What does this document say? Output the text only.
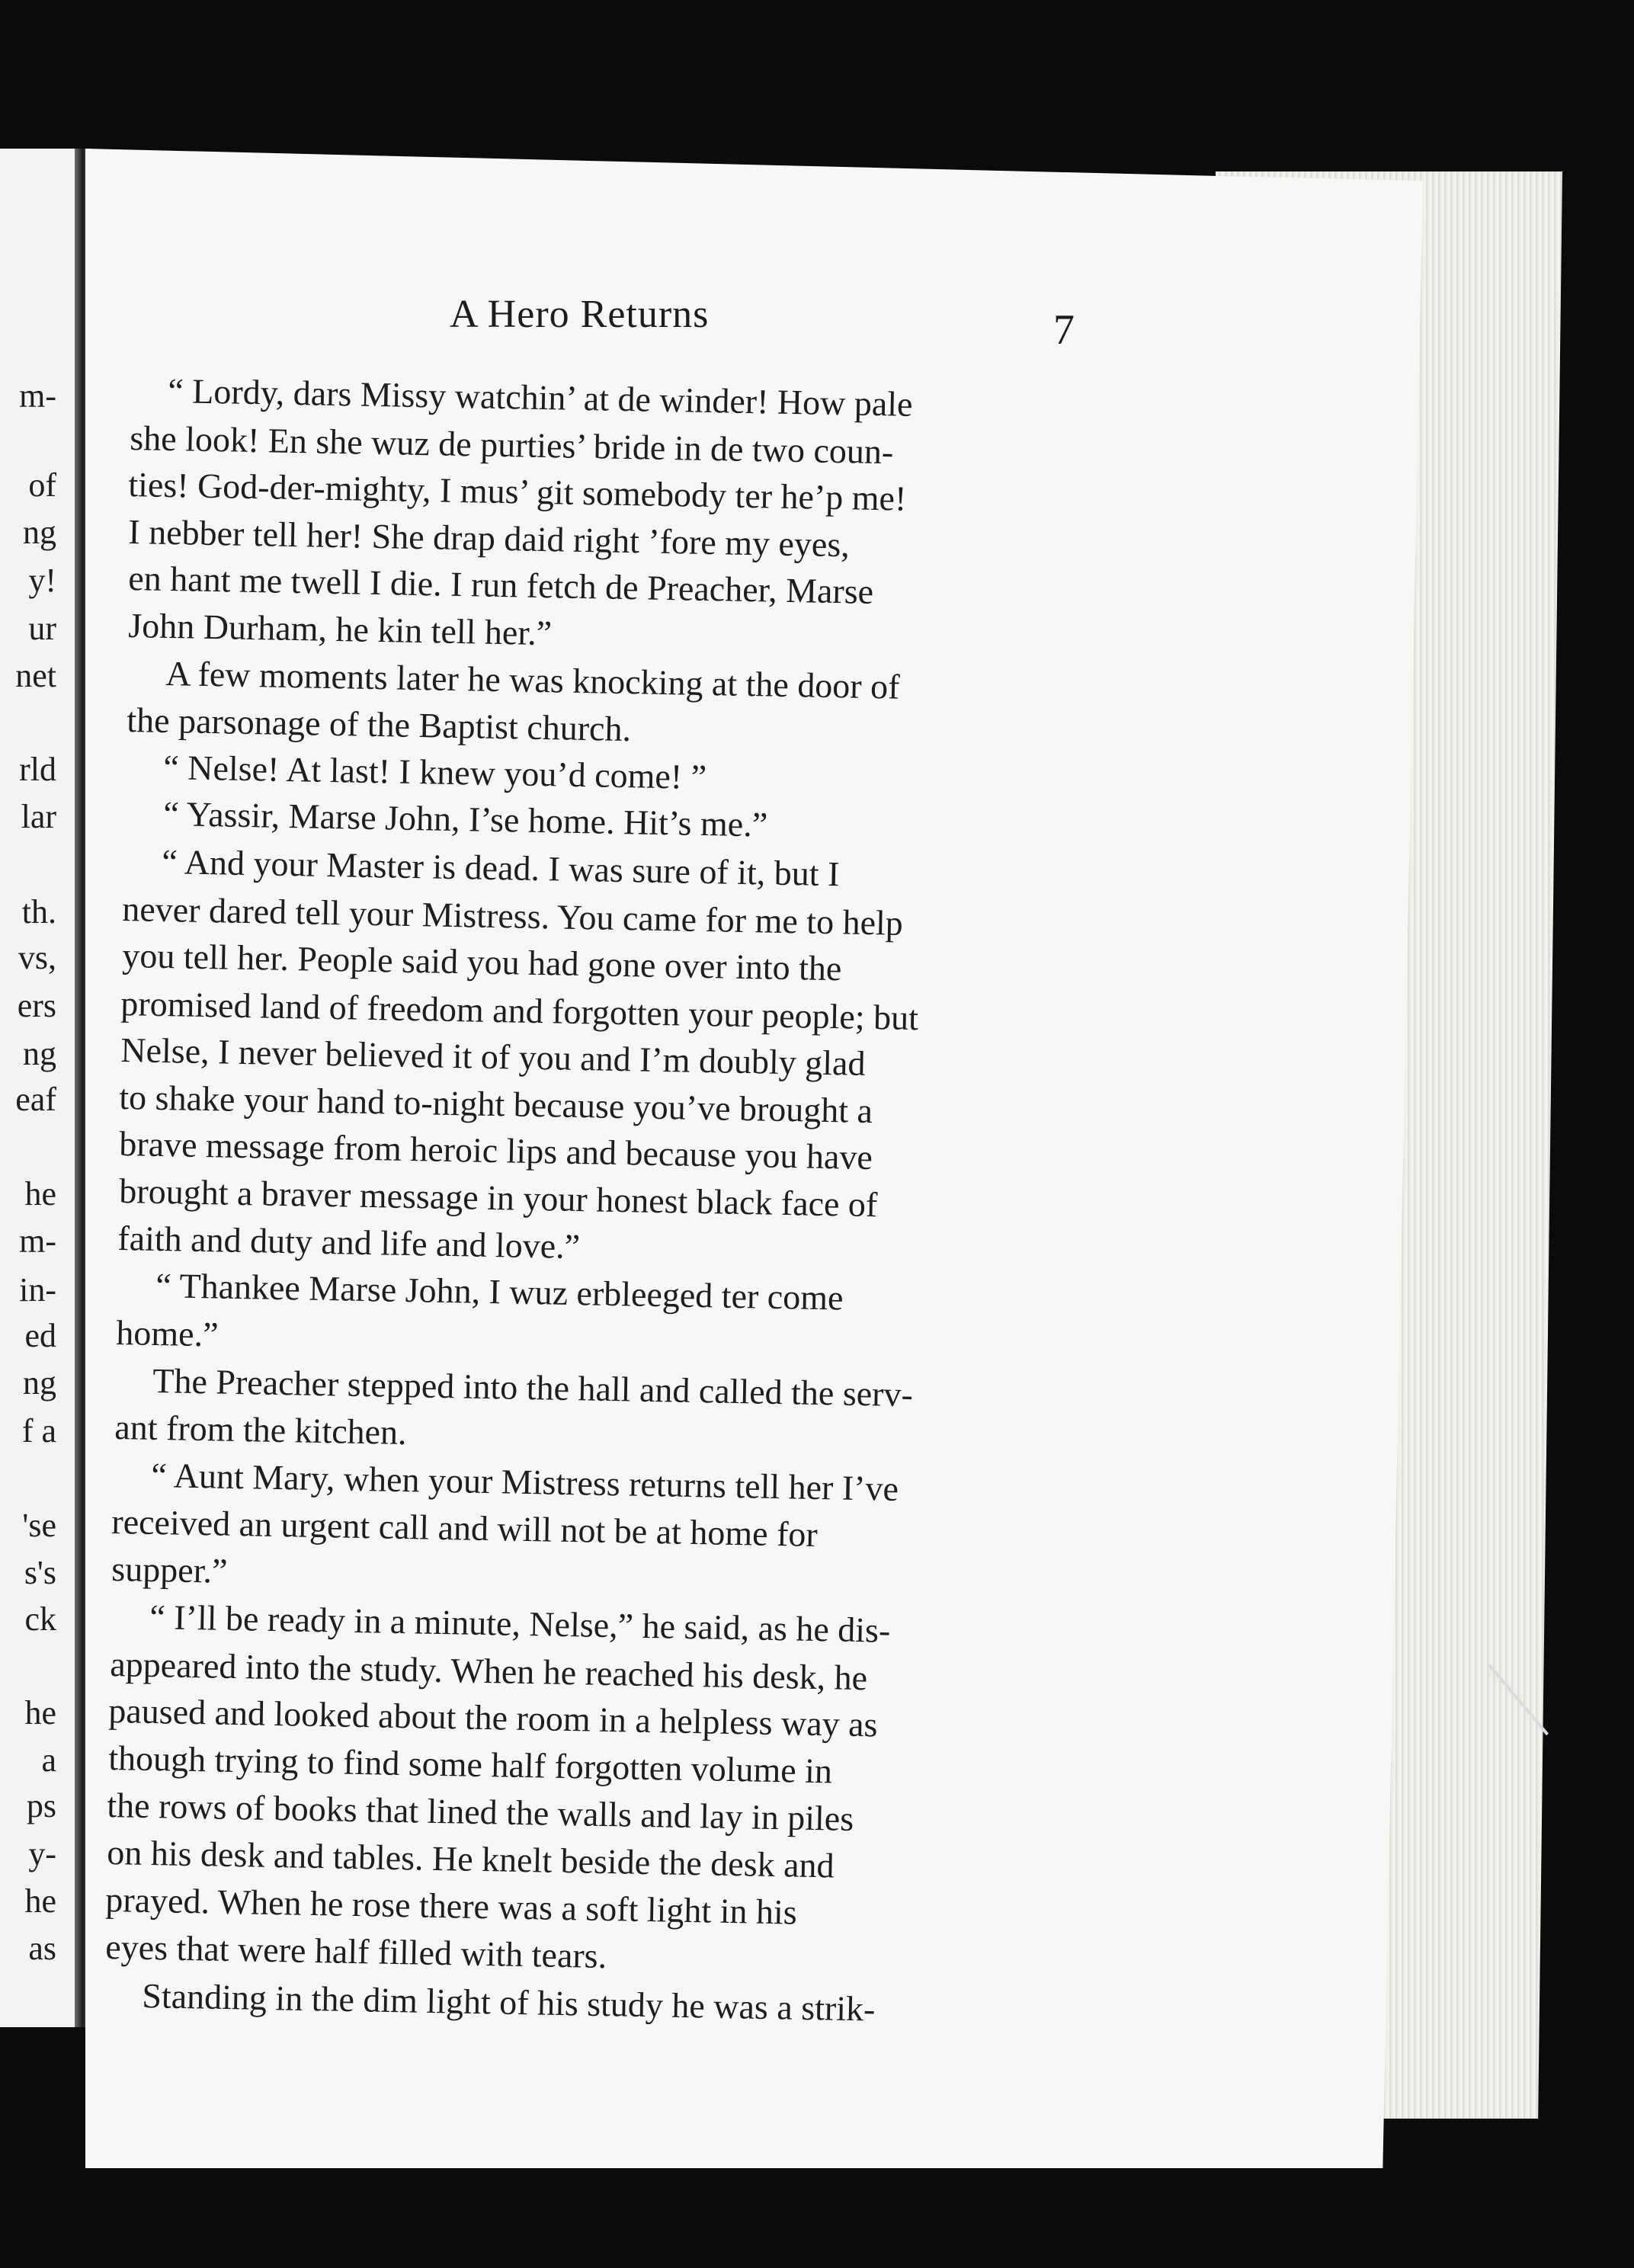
m-
of
ng
y!
ur
net
rld
lar
th.
vs,
ers
ng
eaf
he
m-
in-
ed
ng
f a
'se
s's
ck
he
a
ps
y-
he
as
A Hero Returns	7
“ Lordy, dars Missy watchin’ at de winder! How pale
she look! En she wuz de purties’ bride in de two coun-
ties! God-der-mighty, I mus’ git somebody ter he’p me!
I nebber tell her! She drap daid right ’fore my eyes,
en hant me twell I die. I run fetch de Preacher, Marse
John Durham, he kin tell her.”
A few moments later he was knocking at the door of
the parsonage of the Baptist church.
“ Nelse! At last! I knew you’d come! ”
“ Yassir, Marse John, I’se home. Hit’s me.”
“ And your Master is dead. I was sure of it, but I
never dared tell your Mistress. You came for me to help
you tell her. People said you had gone over into the
promised land of freedom and forgotten your people; but
Nelse, I never believed it of you and I’m doubly glad
to shake your hand to-night because you’ve brought a
brave message from heroic lips and because you have
brought a braver message in your honest black face of
faith and duty and life and love.”
“ Thankee Marse John, I wuz erbleeged ter come
home.”
The Preacher stepped into the hall and called the serv-
ant from the kitchen.
“ Aunt Mary, when your Mistress returns tell her I’ve
received an urgent call and will not be at home for
supper.”
“ I’ll be ready in a minute, Nelse,” he said, as he dis-
appeared into the study. When he reached his desk, he
paused and looked about the room in a helpless way as
though trying to find some half forgotten volume in
the rows of books that lined the walls and lay in piles
on his desk and tables. He knelt beside the desk and
prayed. When he rose there was a soft light in his
eyes that were half filled with tears.
Standing in the dim light of his study he was a strik-
